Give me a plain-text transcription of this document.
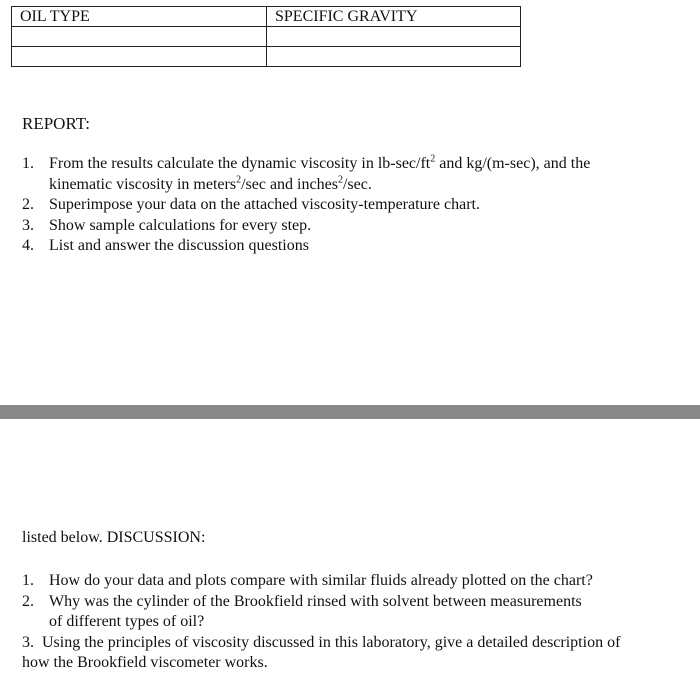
OIL TYPE	SPECIFIC GRAVITY

REPORT:
1. From the results calculate the dynamic viscosity in $lb-\sec/ft^2$ and kg/(m-sec), and the
kinematic viscosity in meters$^2$/sec and inches$^2$/sec.
2. Superimpose your data on the attached viscosity-temperature chart.
3. Show sample calculations for every step.
4. List and answer the discussion questions
listed below. DISCUSSION:
1. How do your data and plots compare with similar fluids already plotted on the chart?
2. Why was the cylinder of the Brookfield rinsed with solvent between measurements
of different types of oil?
3. Using the principles of viscosity discussed in this laboratory, give a detailed description of
how the Brookfield viscometer works.
